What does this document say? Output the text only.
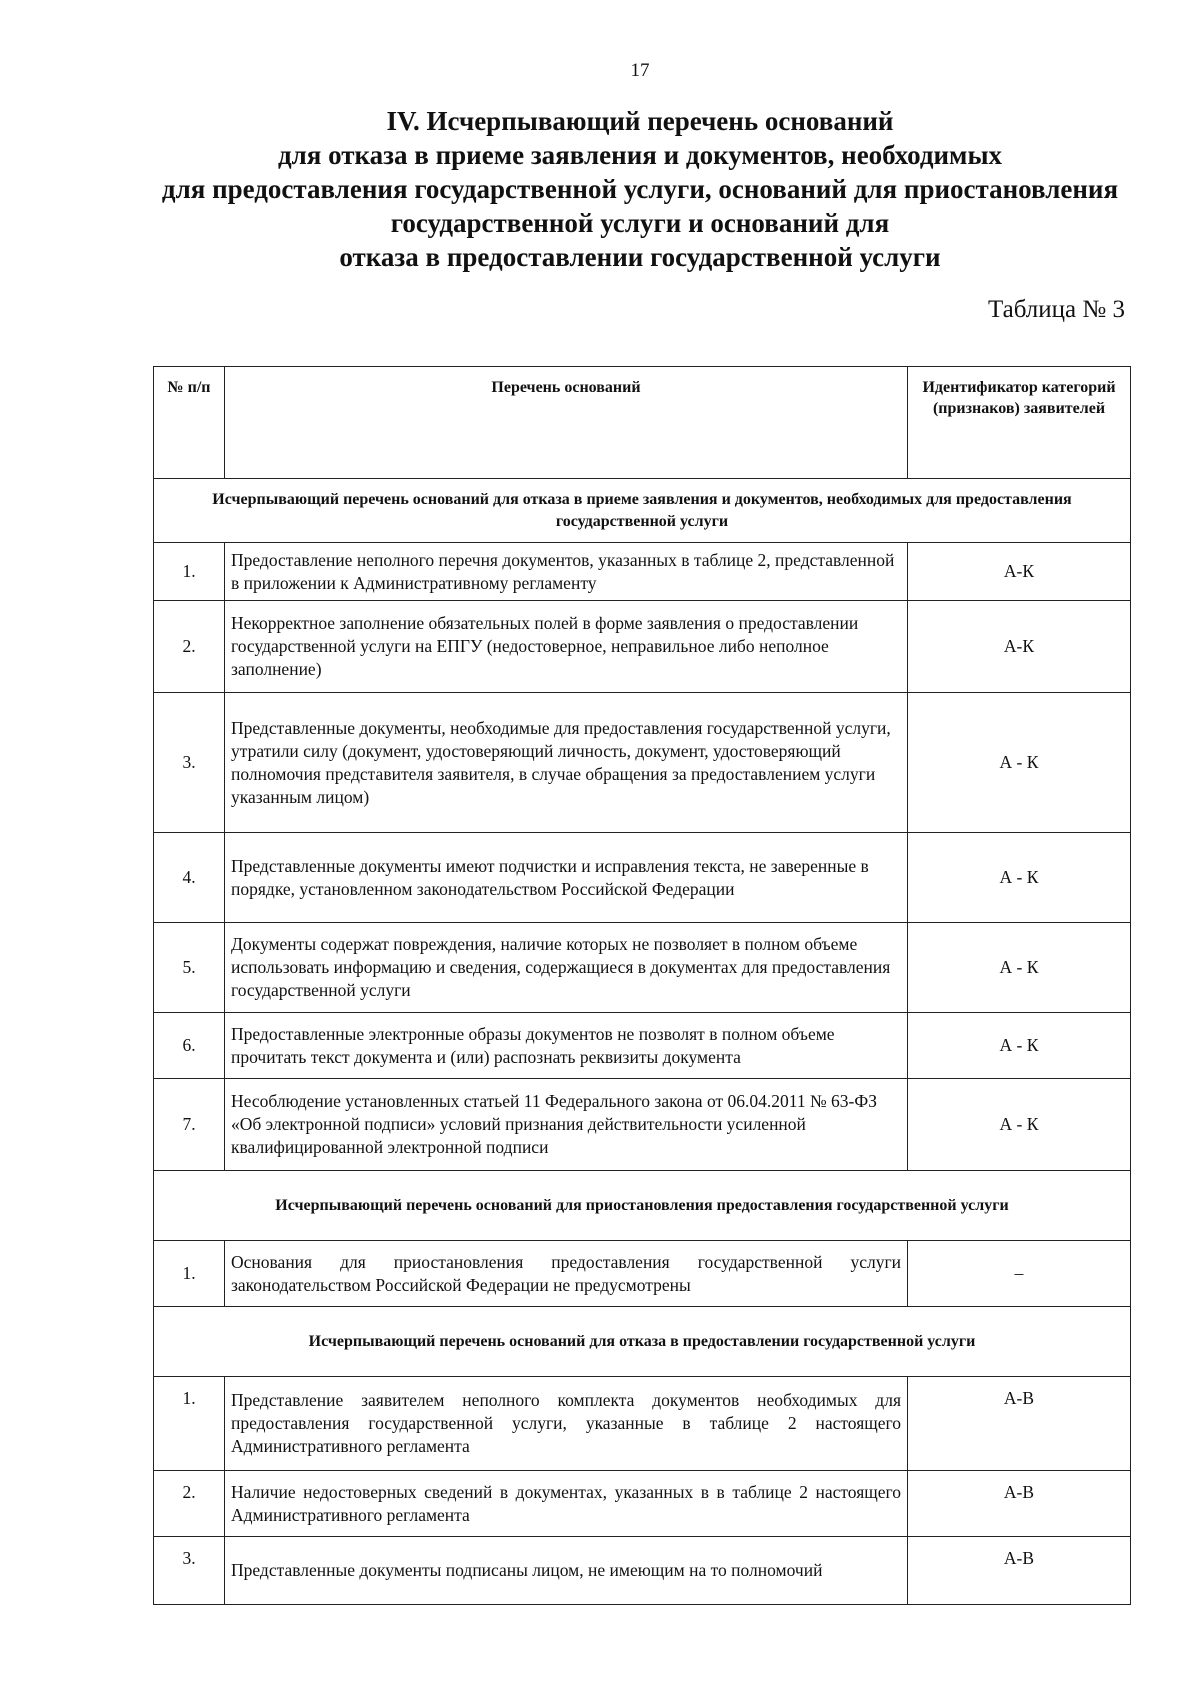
17
IV. Исчерпывающий перечень оснований
для отказа в приеме заявления и документов, необходимых
для предоставления государственной услуги, оснований для приостановления
государственной услуги и оснований для
отказа в предоставлении государственной услуги
Таблица № 3
№ п/п	Перечень оснований	Идентификатор категорий (признаков) заявителей
Исчерпывающий перечень оснований для отказа в приеме заявления и документов, необходимых для предоставления государственной услуги		
1.	Предоставление неполного перечня документов, указанных в таблице 2, представленной в приложении к Административному регламенту	А-К
2.	Некорректное заполнение обязательных полей в форме заявления о предоставлении государственной услуги на ЕПГУ (недостоверное, неправильное либо неполное заполнение)	А-К
3.	Представленные документы, необходимые для предоставления государственной услуги, утратили силу (документ, удостоверяющий личность, документ, удостоверяющий полномочия представителя заявителя, в случае обращения за предоставлением услуги указанным лицом)	А - К
4.	Представленные документы имеют подчистки и исправления текста, не заверенные в порядке, установленном законодательством Российской Федерации	А - К
5.	Документы содержат повреждения, наличие которых не позволяет в полном объеме использовать информацию и сведения, содержащиеся в документах для предоставления государственной услуги	А - К
6.	Предоставленные электронные образы документов не позволят в полном объеме прочитать текст документа и (или) распознать реквизиты документа	А - К
7.	Несоблюдение установленных статьей 11 Федерального закона от 06.04.2011 № 63-ФЗ «Об электронной подписи» условий признания действительности усиленной квалифицированной электронной подписи	А - К
Исчерпывающий перечень оснований для приостановления предоставления государственной услуги		
1.	Основания для приостановления предоставления государственной услуги законодательством Российской Федерации не предусмотрены	–
Исчерпывающий перечень оснований для отказа в предоставлении государственной услуги		
1.	Представление заявителем неполного комплекта документов необходимых для предоставления государственной услуги, указанные в таблице 2 настоящего Административного регламента	А-В
2.	Наличие недостоверных сведений в документах, указанных в в таблице 2 настоящего Административного регламента	А-В
3.	Представленные документы подписаны лицом, не имеющим на то полномочий	А-В
